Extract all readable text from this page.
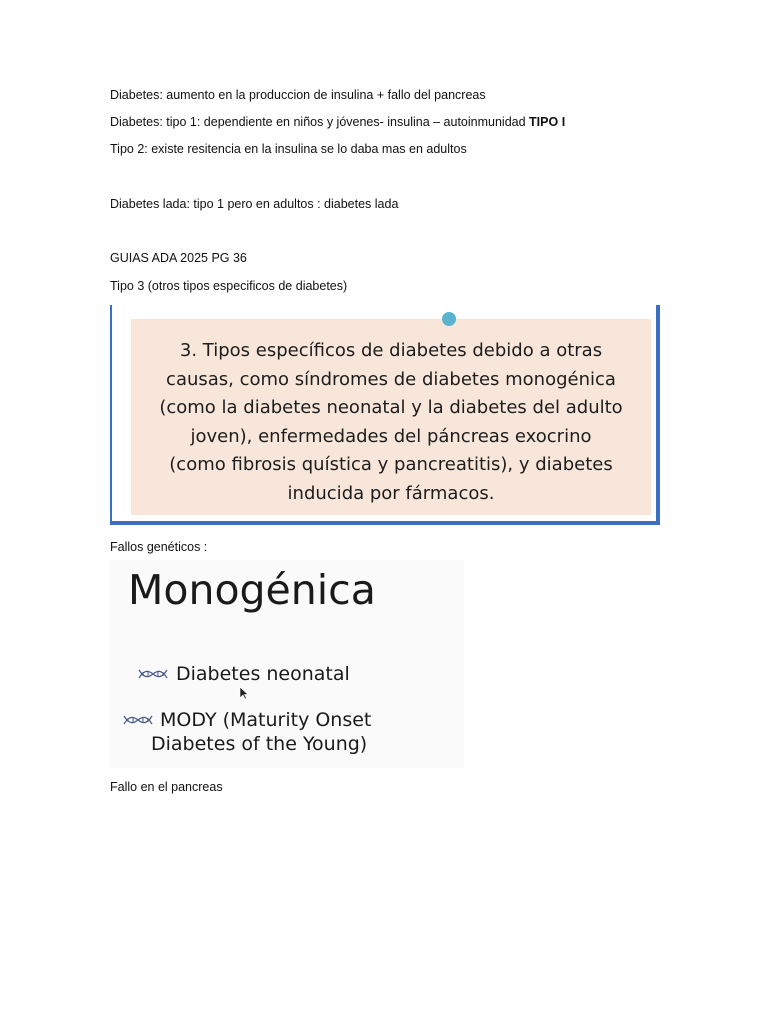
Diabetes: aumento en la produccion de insulina + fallo del pancreas
Diabetes: tipo 1: dependiente en niños y jóvenes- insulina – autoinmunidad TIPO I
Tipo 2: existe resitencia en la insulina se lo daba mas en adultos
Diabetes lada: tipo 1 pero en adultos : diabetes lada
GUIAS ADA 2025 PG 36
Tipo 3 (otros tipos especificos de diabetes)
3. Tipos específicos de diabetes debido a otras
causas, como síndromes de diabetes monogénica
(como la diabetes neonatal y la diabetes del adulto
joven), enfermedades del páncreas exocrino
(como fibrosis quística y pancreatitis), y diabetes
inducida por fármacos.
Fallos genéticos :
Monogénica
Diabetes neonatal
MODY (Maturity Onset
Diabetes of the Young)
Fallo en el pancreas
